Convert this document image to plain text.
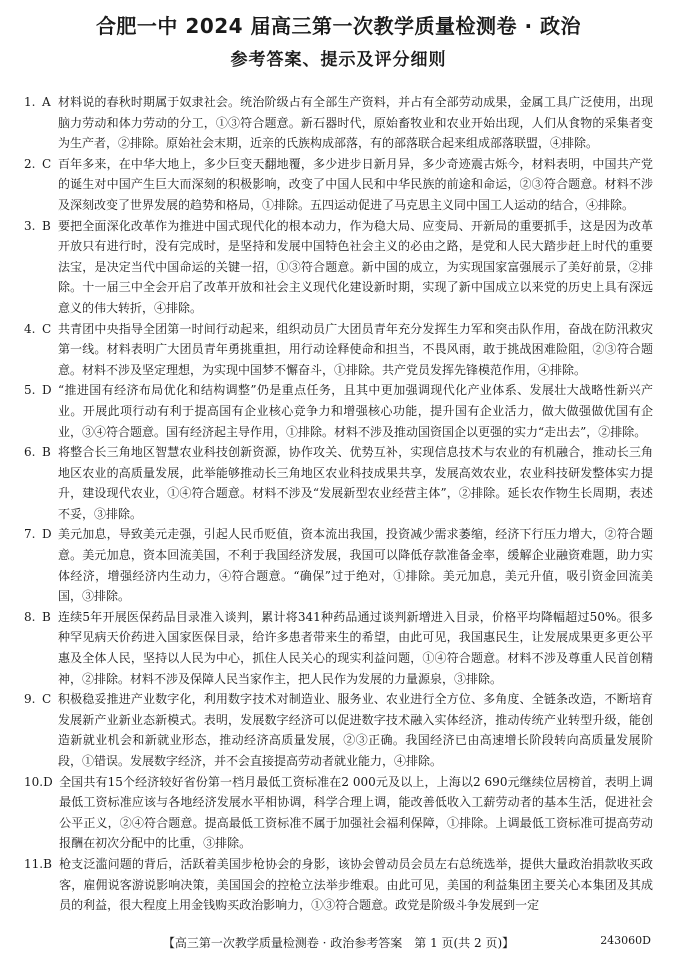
合肥一中 2024 届高三第一次教学质量检测卷 · 政治
参考答案、提示及评分细则
1. A 材料说的春秋时期属于奴隶社会。统治阶级占有全部生产资料，并占有全部劳动成果，金属工具广泛使用，出现脑力劳动和体力劳动的分工，①③符合题意。新石器时代，原始畜牧业和农业开始出现，人们从食物的采集者变为生产者，②排除。原始社会末期，近亲的氏族构成部落，有的部落联合起来组成部落联盟，④排除。
2. C 百年多来，在中华大地上，多少巨变天翻地覆，多少进步日新月异，多少奇迹震古烁今，材料表明，中国共产党的诞生对中国产生巨大而深刻的积极影响，改变了中国人民和中华民族的前途和命运，②③符合题意。材料不涉及深刻改变了世界发展的趋势和格局，①排除。五四运动促进了马克思主义同中国工人运动的结合，④排除。
3. B 要把全面深化改革作为推进中国式现代化的根本动力，作为稳大局、应变局、开新局的重要抓手，这是因为改革开放只有进行时，没有完成时，是坚持和发展中国特色社会主义的必由之路，是党和人民大踏步赶上时代的重要法宝，是决定当代中国命运的关键一招，①③符合题意。新中国的成立，为实现国家富强展示了美好前景，②排除。十一届三中全会开启了改革开放和社会主义现代化建设新时期，实现了新中国成立以来党的历史上具有深远意义的伟大转折，④排除。
4. C 共青团中央指导全团第一时间行动起来，组织动员广大团员青年充分发挥生力军和突击队作用，奋战在防汛救灾第一线。材料表明广大团员青年勇挑重担，用行动诠释使命和担当，不畏风雨，敢于挑战困难险阻，②③符合题意。材料不涉及坚定理想，为实现中国梦不懈奋斗，①排除。共产党员发挥先锋模范作用，④排除。
5. D “推进国有经济布局优化和结构调整”仍是重点任务，且其中更加强调现代化产业体系、发展壮大战略性新兴产业。开展此项行动有利于提高国有企业核心竞争力和增强核心功能，提升国有企业活力，做大做强做优国有企业，③④符合题意。国有经济起主导作用，①排除。材料不涉及推动国资国企以更强的实力“走出去”，②排除。
6. B 将整合长三角地区智慧农业科技创新资源，协作攻关、优势互补，实现信息技术与农业的有机融合，推动长三角地区农业的高质量发展，此举能够推动长三角地区农业科技成果共享，发展高效农业，农业科技研发整体实力提升，建设现代农业，①④符合题意。材料不涉及“发展新型农业经营主体”，②排除。延长农作物生长周期，表述不妥，③排除。
7. D 美元加息，导致美元走强，引起人民币贬值，资本流出我国，投资减少需求萎缩，经济下行压力增大，②符合题意。美元加息，资本回流美国，不利于我国经济发展，我国可以降低存款准备金率，缓解企业融资难题，助力实体经济，增强经济内生动力，④符合题意。“确保”过于绝对，①排除。美元加息，美元升值，吸引资金回流美国，③排除。
8. B 连续5年开展医保药品目录准入谈判，累计将341种药品通过谈判新增进入目录，价格平均降幅超过50%。很多种罕见病天价药进入国家医保目录，给许多患者带来生的希望，由此可见，我国惠民生，让发展成果更多更公平惠及全体人民，坚持以人民为中心，抓住人民关心的现实利益问题，①④符合题意。材料不涉及尊重人民首创精神，②排除。材料不涉及保障人民当家作主，把人民作为发展的力量源泉，③排除。
9. C 积极稳妥推进产业数字化，利用数字技术对制造业、服务业、农业进行全方位、多角度、全链条改造，不断培育发展新产业新业态新模式。表明，发展数字经济可以促进数字技术融入实体经济，推动传统产业转型升级，能创造新就业机会和新就业形态，推动经济高质量发展，②③正确。我国经济已由高速增长阶段转向高质量发展阶段，①错误。发展数字经济，并不会直接提高劳动者就业能力，④排除。
10.D 全国共有15个经济较好省份第一档月最低工资标准在2 000元及以上，上海以2 690元继续位居榜首，表明上调最低工资标准应该与各地经济发展水平相协调，科学合理上调，能改善低收入工薪劳动者的基本生活，促进社会公平正义，②④符合题意。提高最低工资标准不属于加强社会福利保障，①排除。上调最低工资标准可提高劳动报酬在初次分配中的比重，③排除。
11.B 枪支泛滥问题的背后，活跃着美国步枪协会的身影，该协会曾动员会员左右总统选举，提供大量政治捐款收买政客，雇佣说客游说影响决策，美国国会的控枪立法举步维艰。由此可见，美国的利益集团主要关心本集团及其成员的利益，很大程度上用金钱购买政治影响力，①③符合题意。政党是阶级斗争发展到一定
【高三第一次教学质量检测卷 · 政治参考答案　第 1 页(共 2 页)】	243060D
